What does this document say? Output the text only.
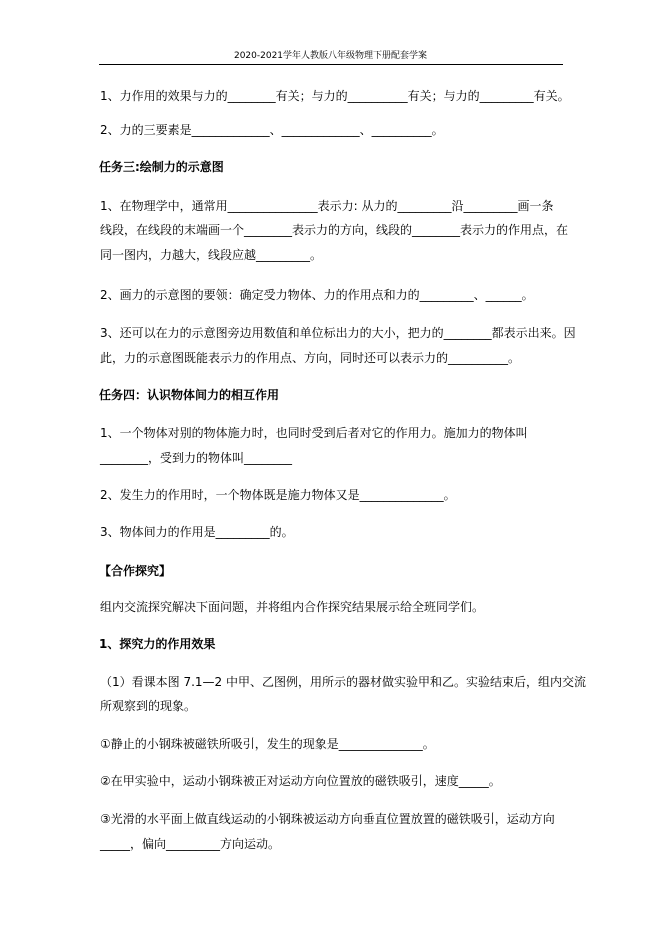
2020-2021学年人教版八年级物理下册配套学案
1、力作用的效果与力的________有关；与力的__________有关；与力的_________有关。
2、力的三要素是_____________、_____________、__________。
任务三:绘制力的示意图
1、在物理学中，通常用_______________表示力: 从力的_________沿_________画一条
线段，在线段的末端画一个________表示力的方向，线段的________表示力的作用点，在
同一图内，力越大，线段应越_________。
2、画力的示意图的要领：确定受力物体、力的作用点和力的_________、______。
3、还可以在力的示意图旁边用数值和单位标出力的大小，把力的________都表示出来。因
此，力的示意图既能表示力的作用点、方向，同时还可以表示力的__________。
任务四：认识物体间力的相互作用
1、一个物体对别的物体施力时，也同时受到后者对它的作用力。施加力的物体叫
________，受到力的物体叫________
2、发生力的作用时，一个物体既是施力物体又是______________。
3、物体间力的作用是_________的。
【合作探究】
组内交流探究解决下面问题，并将组内合作探究结果展示给全班同学们。
1、探究力的作用效果
（1）看课本图 7.1—2 中甲、乙图例，用所示的器材做实验甲和乙。实验结束后，组内交流
所观察到的现象。
①静止的小钢珠被磁铁所吸引，发生的现象是______________。
②在甲实验中，运动小钢珠被正对运动方向位置放的磁铁吸引，速度_____。
③光滑的水平面上做直线运动的小钢珠被运动方向垂直位置放置的磁铁吸引，运动方向
_____，偏向_________方向运动。
